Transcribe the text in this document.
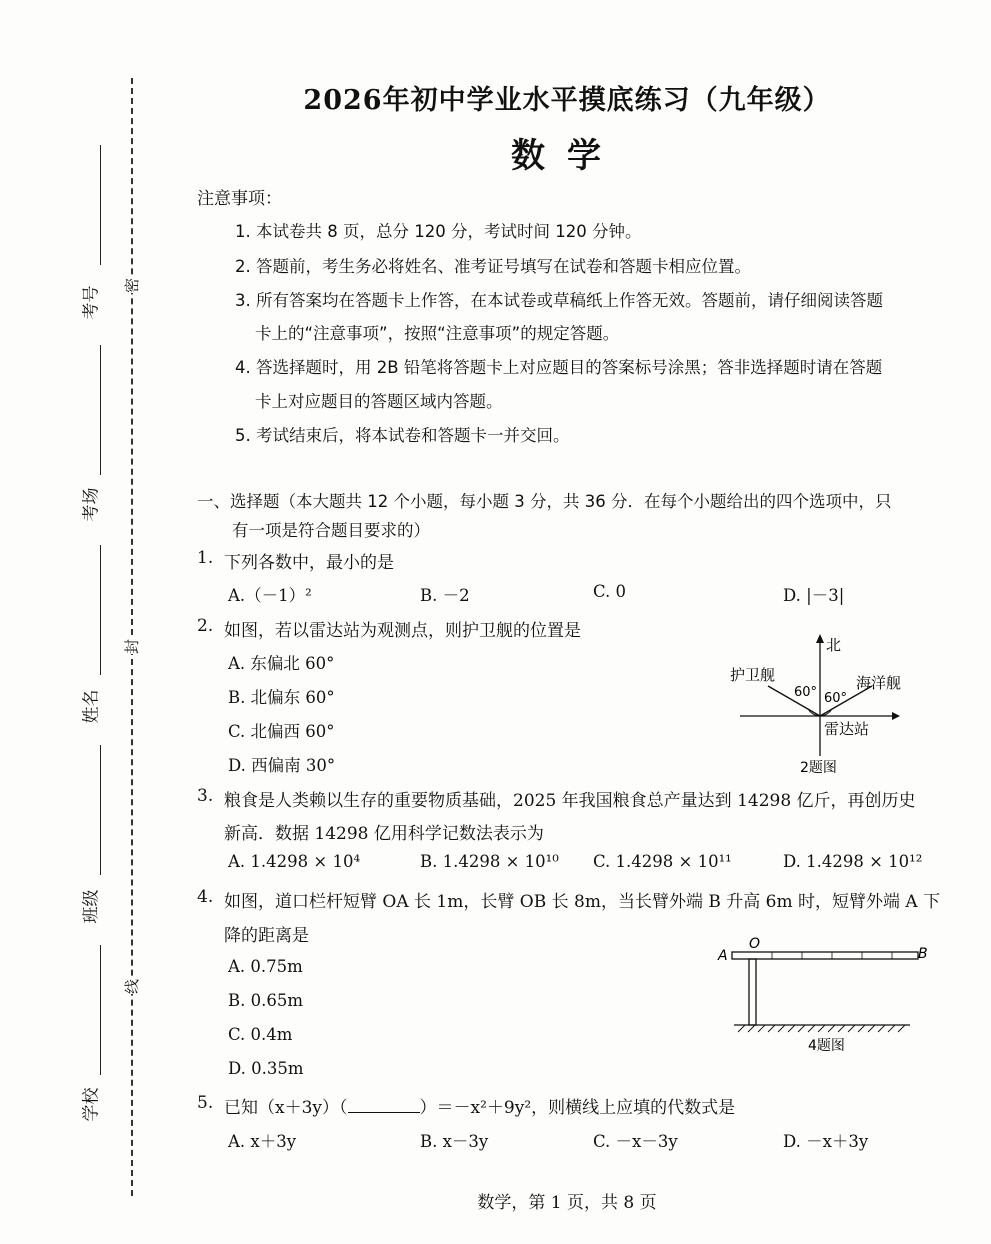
考号
考场
姓名
班级
学校
密
封
线
2026年初中学业水平摸底练习（九年级）
数学
注意事项：
1. 本试卷共 8 页，总分 120 分，考试时间 120 分钟。
2. 答题前，考生务必将姓名、准考证号填写在试卷和答题卡相应位置。
3. 所有答案均在答题卡上作答，在本试卷或草稿纸上作答无效。答题前，请仔细阅读答题
卡上的“注意事项”，按照“注意事项”的规定答题。
4. 答选择题时，用 2B 铅笔将答题卡上对应题目的答案标号涂黑；答非选择题时请在答题
卡上对应题目的答题区域内答题。
5. 考试结束后，将本试卷和答题卡一并交回。
一、选择题（本大题共 12 个小题，每小题 3 分，共 36 分．在每个小题给出的四个选项中，只
有一项是符合题目要求的）
1. 下列各数中，最小的是
A.（－1）²	B. －2	C. 0	D. |－3|
2. 如图，若以雷达站为观测点，则护卫舰的位置是
A. 东偏北 60°
B. 北偏东 60°
C. 北偏西 60°
D. 西偏南 30°
北
护卫舰	海洋舰
60° 60°
雷达站
2题图
3. 粮食是人类赖以生存的重要物质基础，2025 年我国粮食总产量达到 14298 亿斤，再创历史
新高．数据 14298 亿用科学记数法表示为
A. 1.4298 × 10⁴	B. 1.4298 × 10¹⁰ C. 1.4298 × 10¹¹	D. 1.4298 × 10¹²
4. 如图，道口栏杆短臂 OA 长 1m，长臂 OB 长 8m，当长臂外端 B 升高 6m 时，短臂外端 A 下
降的距离是
A. 0.75m
B. 0.65m
C. 0.4m
D. 0.35m
A
O
B
4题图
5. 已知（x＋3y）（	）＝－x²＋9y²，则横线上应填的代数式是
A. x＋3y	B. x－3y	C. －x－3y	D. －x＋3y
数学，第 1 页，共 8 页
